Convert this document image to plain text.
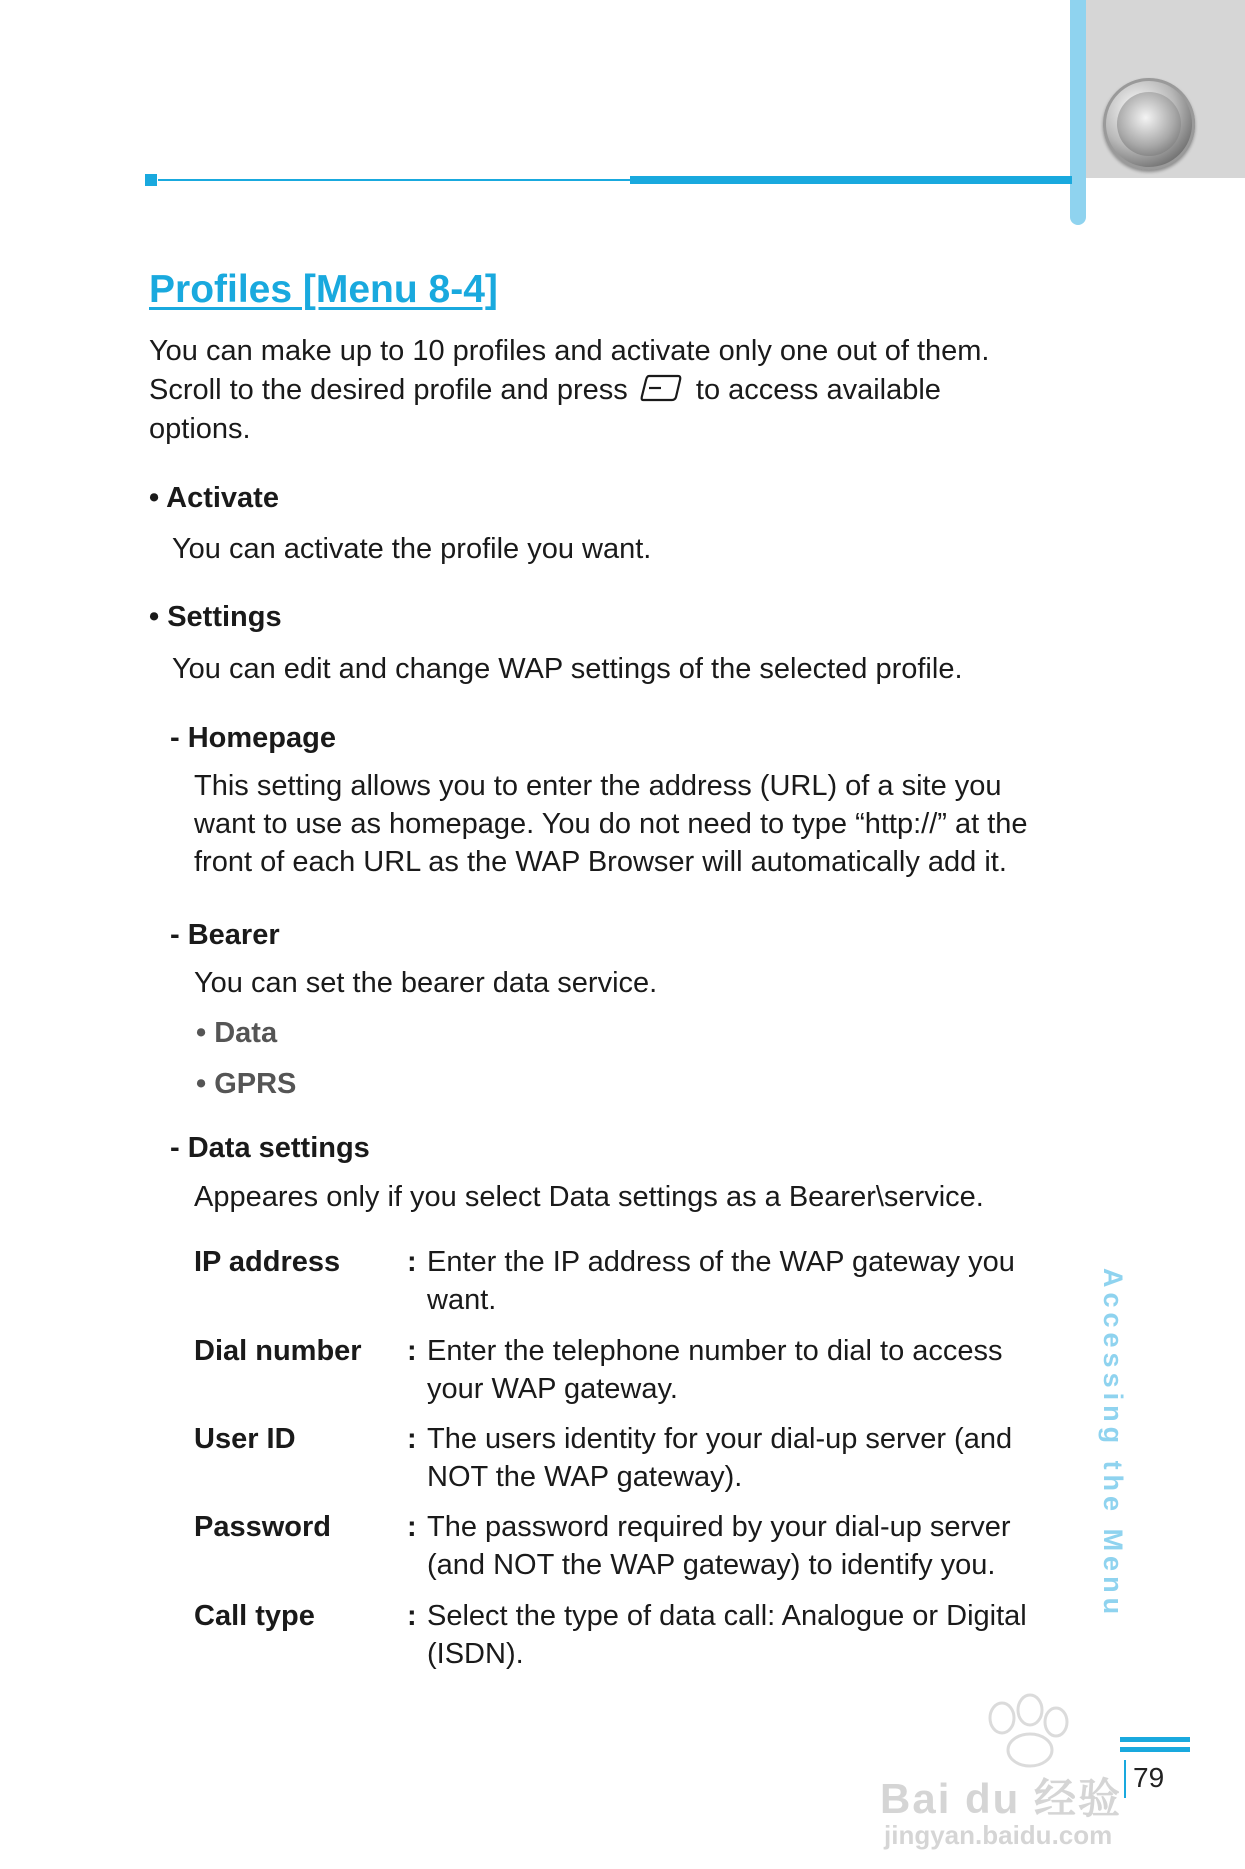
Profiles [Menu 8-4]
You can make up to 10 profiles and activate only one out of them.
Scroll to the desired profile and press to access available
options.
• Activate
You can activate the profile you want.
• Settings
You can edit and change WAP settings of the selected profile.
- Homepage
This setting allows you to enter the address (URL) of a site you
want to use as homepage. You do not need to type “http://” at the
front of each URL as the WAP Browser will automatically add it.
- Bearer
You can set the bearer data service.
• Data
• GPRS
- Data settings
Appeares only if you select Data settings as a Bearer\service.
IP address : Enter the IP address of the WAP gateway you
want.
Dial number : Enter the telephone number to dial to access
your WAP gateway.
User ID	: The users identity for your dial-up server (and
NOT the WAP gateway).
Password	: The password required by your dial-up server
(and NOT the WAP gateway) to identify you.
Call type	: Select the type of data call: Analogue or Digital
(ISDN).
Accessing the Menu
Bai du 经验
jingyan.baidu.com
79
